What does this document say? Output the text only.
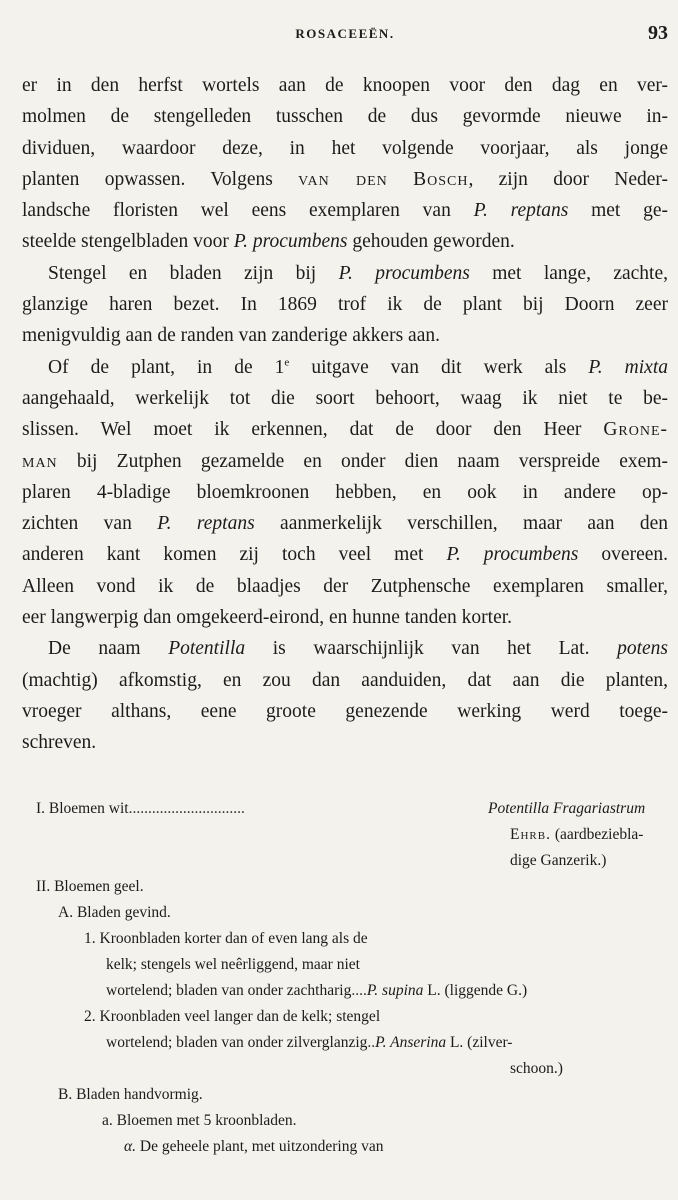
ROSACEEËN.	93
er in den herfst wortels aan de knoopen voor den dag en ver-
molmen de stengelleden tusschen de dus gevormde nieuwe in-
dividuen, waardoor deze, in het volgende voorjaar, als jonge
planten opwassen. Volgens van den Bosch, zijn door Neder-
landsche floristen wel eens exemplaren van P. reptans met ge-
steelde stengelbladen voor P. procumbens gehouden geworden.
Stengel en bladen zijn bij P. procumbens met lange, zachte,
glanzige haren bezet. In 1869 trof ik de plant bij Doorn zeer
menigvuldig aan de randen van zanderige akkers aan.
Of de plant, in de 1e uitgave van dit werk als P. mixta
aangehaald, werkelijk tot die soort behoort, waag ik niet te be-
slissen. Wel moet ik erkennen, dat de door den Heer Grone-
man bij Zutphen gezamelde en onder dien naam verspreide exem-
plaren 4-bladige bloemkroonen hebben, en ook in andere op-
zichten van P. reptans aanmerkelijk verschillen, maar aan den
anderen kant komen zij toch veel met P. procumbens overeen.
Alleen vond ik de blaadjes der Zutphensche exemplaren smaller,
eer langwerpig dan omgekeerd-eirond, en hunne tanden korter.
De naam Potentilla is waarschijnlijk van het Lat. potens
(machtig) afkomstig, en zou dan aanduiden, dat aan die planten,
vroeger althans, eene groote genezende werking werd toege-
schreven.
I. Bloemen wit..............................	Potentilla Fragariastrum
Ehrb. (aardbeziebla-
dige Ganzerik.)
II. Bloemen geel.
A. Bladen gevind.
1. Kroonbladen korter dan of even lang als de
kelk; stengels wel neêrliggend, maar niet
wortelend; bladen van onder zachtharig....P. supina L. (liggende G.)
2. Kroonbladen veel langer dan de kelk; stengel
wortelend; bladen van onder zilverglanzig..P. Anserina L. (zilver-
schoon.)
B. Bladen handvormig.
a. Bloemen met 5 kroonbladen.
α. De geheele plant, met uitzondering van
